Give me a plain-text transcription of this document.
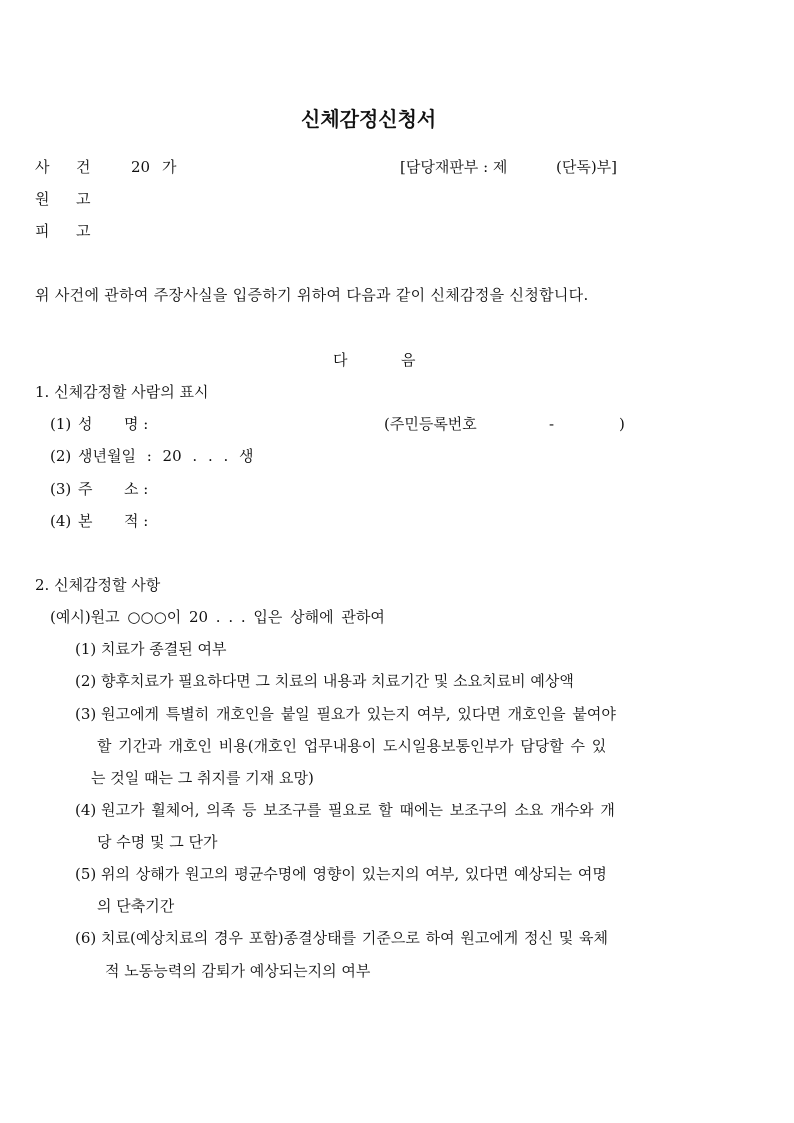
신체감정신청서
사 건	20 가	[담당재판부 : 제	(단독)부]
원 고
피 고
위 사건에 관하여 주장사실을 입증하기 위하여 다음과 같이 신체감정을 신청합니다.
다	음
1. 신체감정할 사람의 표시
(1) 성 명 :	(주민등록번호	-	)
(2) 생년월일 : 20 . . . 생
(3) 주 소 :
(4) 본 적 :
2. 신체감정할 사항
(예시)원고 ○○○이 20 . . . 입은 상해에 관하여
(1) 치료가 종결된 여부
(2) 향후치료가 필요하다면 그 치료의 내용과 치료기간 및 소요치료비 예상액
(3) 원고에게 특별히 개호인을 붙일 필요가 있는지 여부, 있다면 개호인을 붙여야
할 기간과 개호인 비용(개호인 업무내용이 도시일용보통인부가 담당할 수 있
는 것일 때는 그 취지를 기재 요망)
(4) 원고가 휠체어, 의족 등 보조구를 필요로 할 때에는 보조구의 소요 개수와 개
당 수명 및 그 단가
(5) 위의 상해가 원고의 평균수명에 영향이 있는지의 여부, 있다면 예상되는 여명
의 단축기간
(6) 치료(예상치료의 경우 포함)종결상태를 기준으로 하여 원고에게 정신 및 육체
적 노동능력의 감퇴가 예상되는지의 여부
